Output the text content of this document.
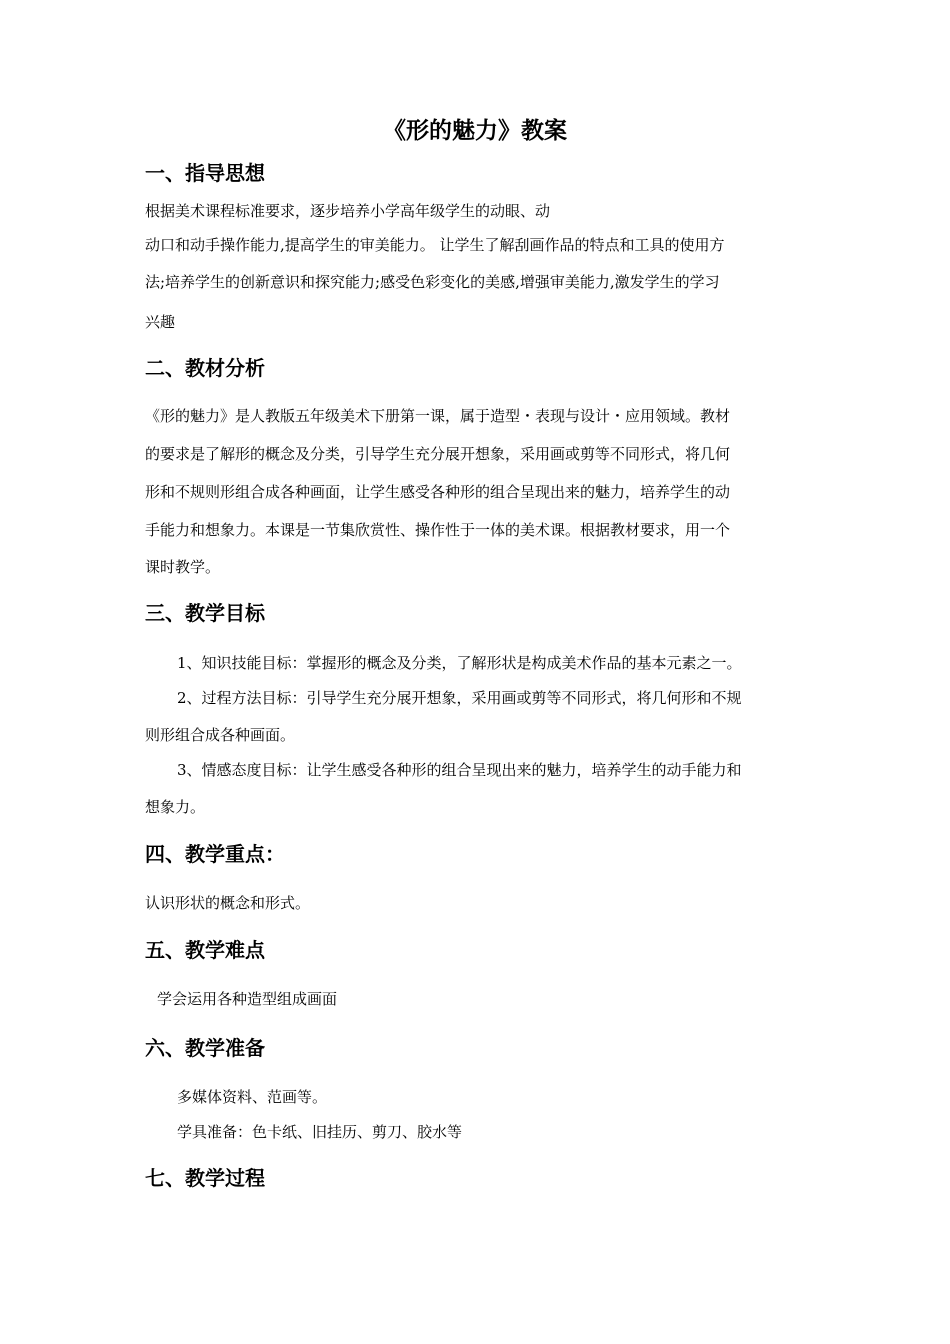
《形的魅力》教案
一、指导思想
根据美术课程标准要求，逐步培养小学高年级学生的动眼、动
动口和动手操作能力,提高学生的审美能力。 让学生了解刮画作品的特点和工具的使用方
法;培养学生的创新意识和探究能力;感受色彩变化的美感,增强审美能力,激发学生的学习
兴趣
二、教材分析
《形的魅力》是人教版五年级美术下册第一课，属于造型・表现与设计・应用领域。教材
的要求是了解形的概念及分类，引导学生充分展开想象，采用画或剪等不同形式，将几何
形和不规则形组合成各种画面，让学生感受各种形的组合呈现出来的魅力，培养学生的动
手能力和想象力。本课是一节集欣赏性、操作性于一体的美术课。根据教材要求，用一个
课时教学。
三、教学目标
1、知识技能目标：掌握形的概念及分类，了解形状是构成美术作品的基本元素之一。
2、过程方法目标：引导学生充分展开想象，采用画或剪等不同形式，将几何形和不规
则形组合成各种画面。
3、情感态度目标：让学生感受各种形的组合呈现出来的魅力，培养学生的动手能力和
想象力。
四、教学重点：
认识形状的概念和形式。
五、教学难点
学会运用各种造型组成画面
六、教学准备
多媒体资料、范画等。
学具准备：色卡纸、旧挂历、剪刀、胶水等
七、教学过程
